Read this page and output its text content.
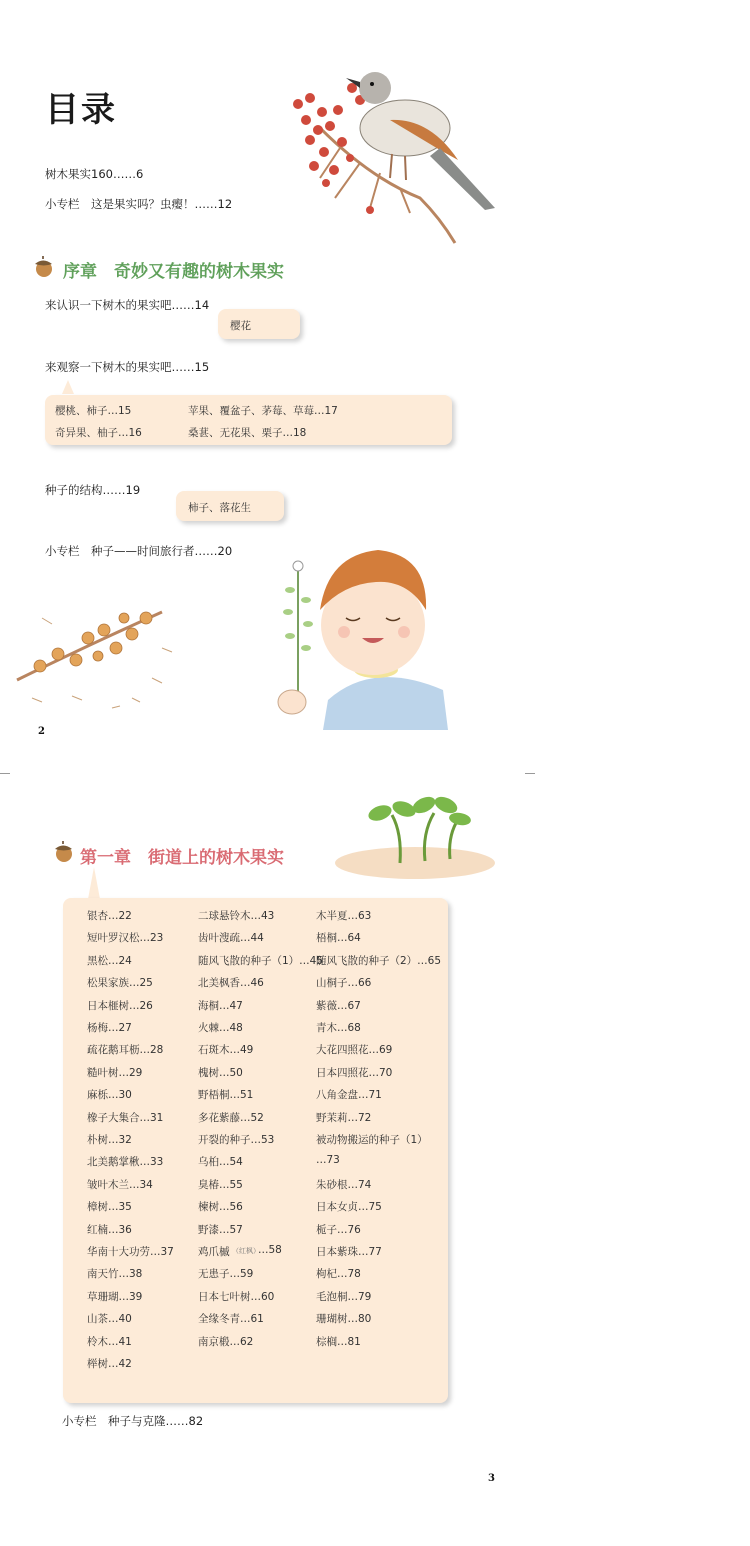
目录
树木果实160……6
小专栏　这是果实吗？虫瘿！……12
序章　奇妙又有趣的树木果实
来认识一下树木的果实吧……14
樱花
来观察一下树木的果实吧……15
樱桃、柿子…15	苹果、覆盆子、茅莓、草莓…17
奇异果、柚子…16	桑葚、无花果、栗子…18
种子的结构……19
柿子、落花生
小专栏　种子——时间旅行者……20
2
第一章　街道上的树木果实
银杏…22
短叶罗汉松…23
黑松…24
松果家族…25
日本榧树…26
杨梅…27
疏花鹅耳枥…28
糙叶树…29
麻栎…30
橡子大集合…31
朴树…32
北美鹅掌楸…33
皱叶木兰…34
樟树…35
红楠…36
华南十大功劳…37
南天竹…38
草珊瑚…39
山茶…40
柃木…41
榉树…42
二球悬铃木…43
齿叶溲疏…44
随风飞散的种子（1）…45
北美枫香…46
海桐…47
火棘…48
石斑木…49
槐树…50
野梧桐…51
多花紫藤…52
开裂的种子…53
乌桕…54
臭椿…55
楝树…56
野漆…57
鸡爪槭 （红枫）
…58
无患子…59
日本七叶树…60
全缘冬青…61
南京椴…62
木半夏…63
梧桐…64
随风飞散的种子（2）…65
山桐子…66
紫薇…67
青木…68
大花四照花…69
日本四照花…70
八角金盘…71
野茉莉…72
被动物搬运的种子（1）
…73
朱砂根…74
日本女贞…75
栀子…76
日本紫珠…77
枸杞…78
毛泡桐…79
珊瑚树…80
棕榈…81
小专栏　种子与克隆……82
3
